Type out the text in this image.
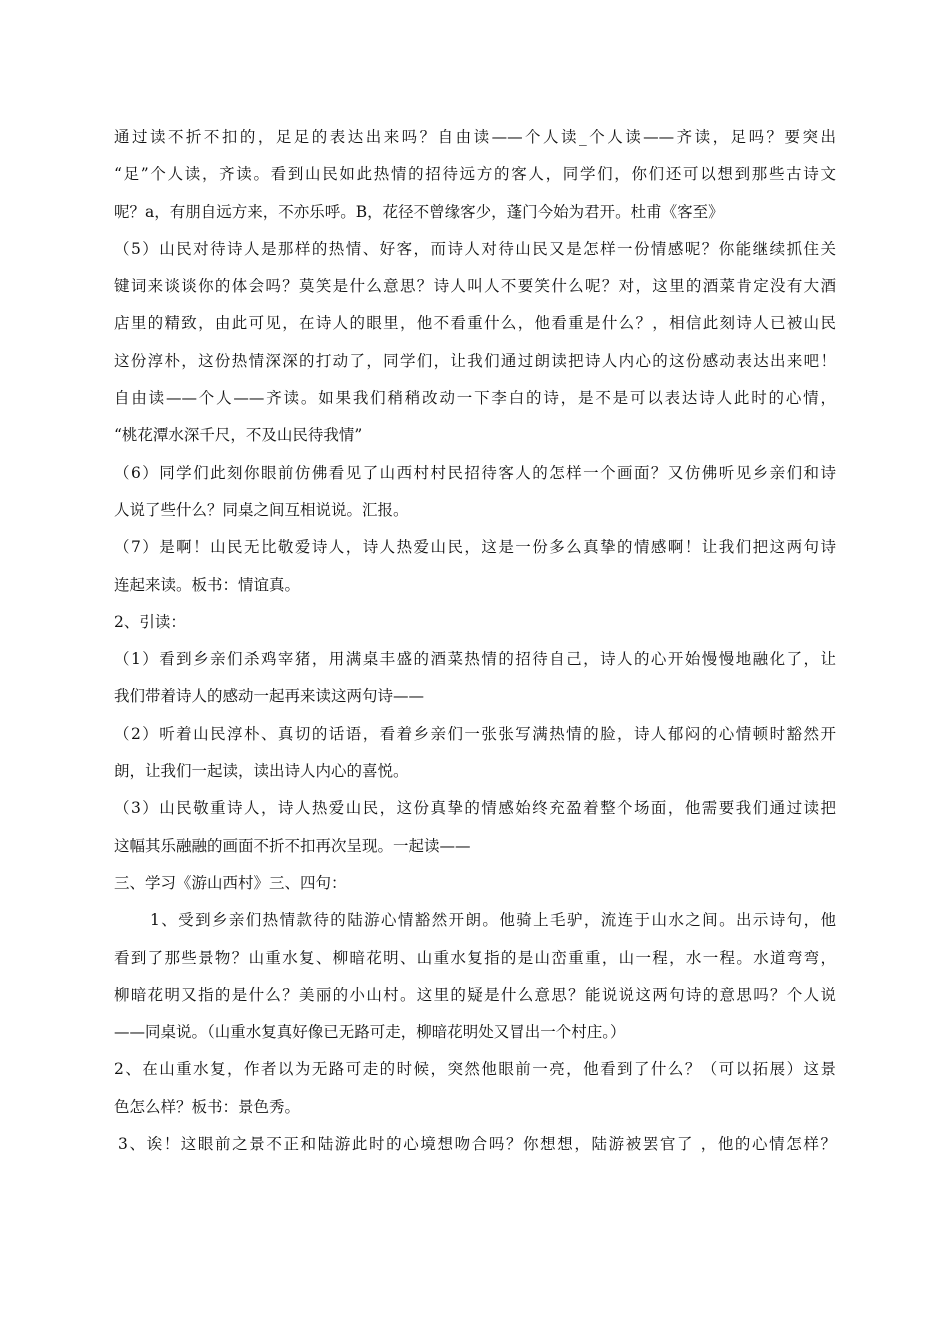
通过读不折不扣的，足足的表达出来吗？自由读——个人读_个人读——齐读，足吗？要突出
“足”个人读，齐读。看到山民如此热情的招待远方的客人，同学们，你们还可以想到那些古诗文
呢？a，有朋自远方来，不亦乐呼。B，花径不曾缘客少，蓬门今始为君开。杜甫《客至》
（5）山民对待诗人是那样的热情、好客，而诗人对待山民又是怎样一份情感呢？你能继续抓住关
键词来谈谈你的体会吗？莫笑是什么意思？诗人叫人不要笑什么呢？对，这里的酒菜肯定没有大酒
店里的精致，由此可见，在诗人的眼里，他不看重什么，他看重是什么？，相信此刻诗人已被山民
这份淳朴，这份热情深深的打动了，同学们，让我们通过朗读把诗人内心的这份感动表达出来吧！
自由读——个人——齐读。如果我们稍稍改动一下李白的诗，是不是可以表达诗人此时的心情，
“桃花潭水深千尺，不及山民待我情”
（6）同学们此刻你眼前仿佛看见了山西村村民招待客人的怎样一个画面？又仿佛听见乡亲们和诗
人说了些什么？同桌之间互相说说。汇报。
（7）是啊！山民无比敬爱诗人，诗人热爱山民，这是一份多么真挚的情感啊！让我们把这两句诗
连起来读。板书：情谊真。
2、引读：
（1）看到乡亲们杀鸡宰猪，用满桌丰盛的酒菜热情的招待自己，诗人的心开始慢慢地融化了，让
我们带着诗人的感动一起再来读这两句诗——
（2）听着山民淳朴、真切的话语，看着乡亲们一张张写满热情的脸，诗人郁闷的心情顿时豁然开
朗，让我们一起读，读出诗人内心的喜悦。
（3）山民敬重诗人，诗人热爱山民，这份真挚的情感始终充盈着整个场面，他需要我们通过读把
这幅其乐融融的画面不折不扣再次呈现。一起读——
三、学习《游山西村》三、四句：
1、受到乡亲们热情款待的陆游心情豁然开朗。他骑上毛驴，流连于山水之间。出示诗句，他
看到了那些景物？山重水复、柳暗花明、山重水复指的是山峦重重，山一程，水一程。水道弯弯，
柳暗花明又指的是什么？美丽的小山村。这里的疑是什么意思？能说说这两句诗的意思吗？个人说
——同桌说。（山重水复真好像已无路可走，柳暗花明处又冒出一个村庄。）
2、在山重水复，作者以为无路可走的时候，突然他眼前一亮，他看到了什么？（可以拓展）这景
色怎么样？板书：景色秀。
3、诶！这眼前之景不正和陆游此时的心境想吻合吗？你想想，陆游被罢官了 ，他的心情怎样？
